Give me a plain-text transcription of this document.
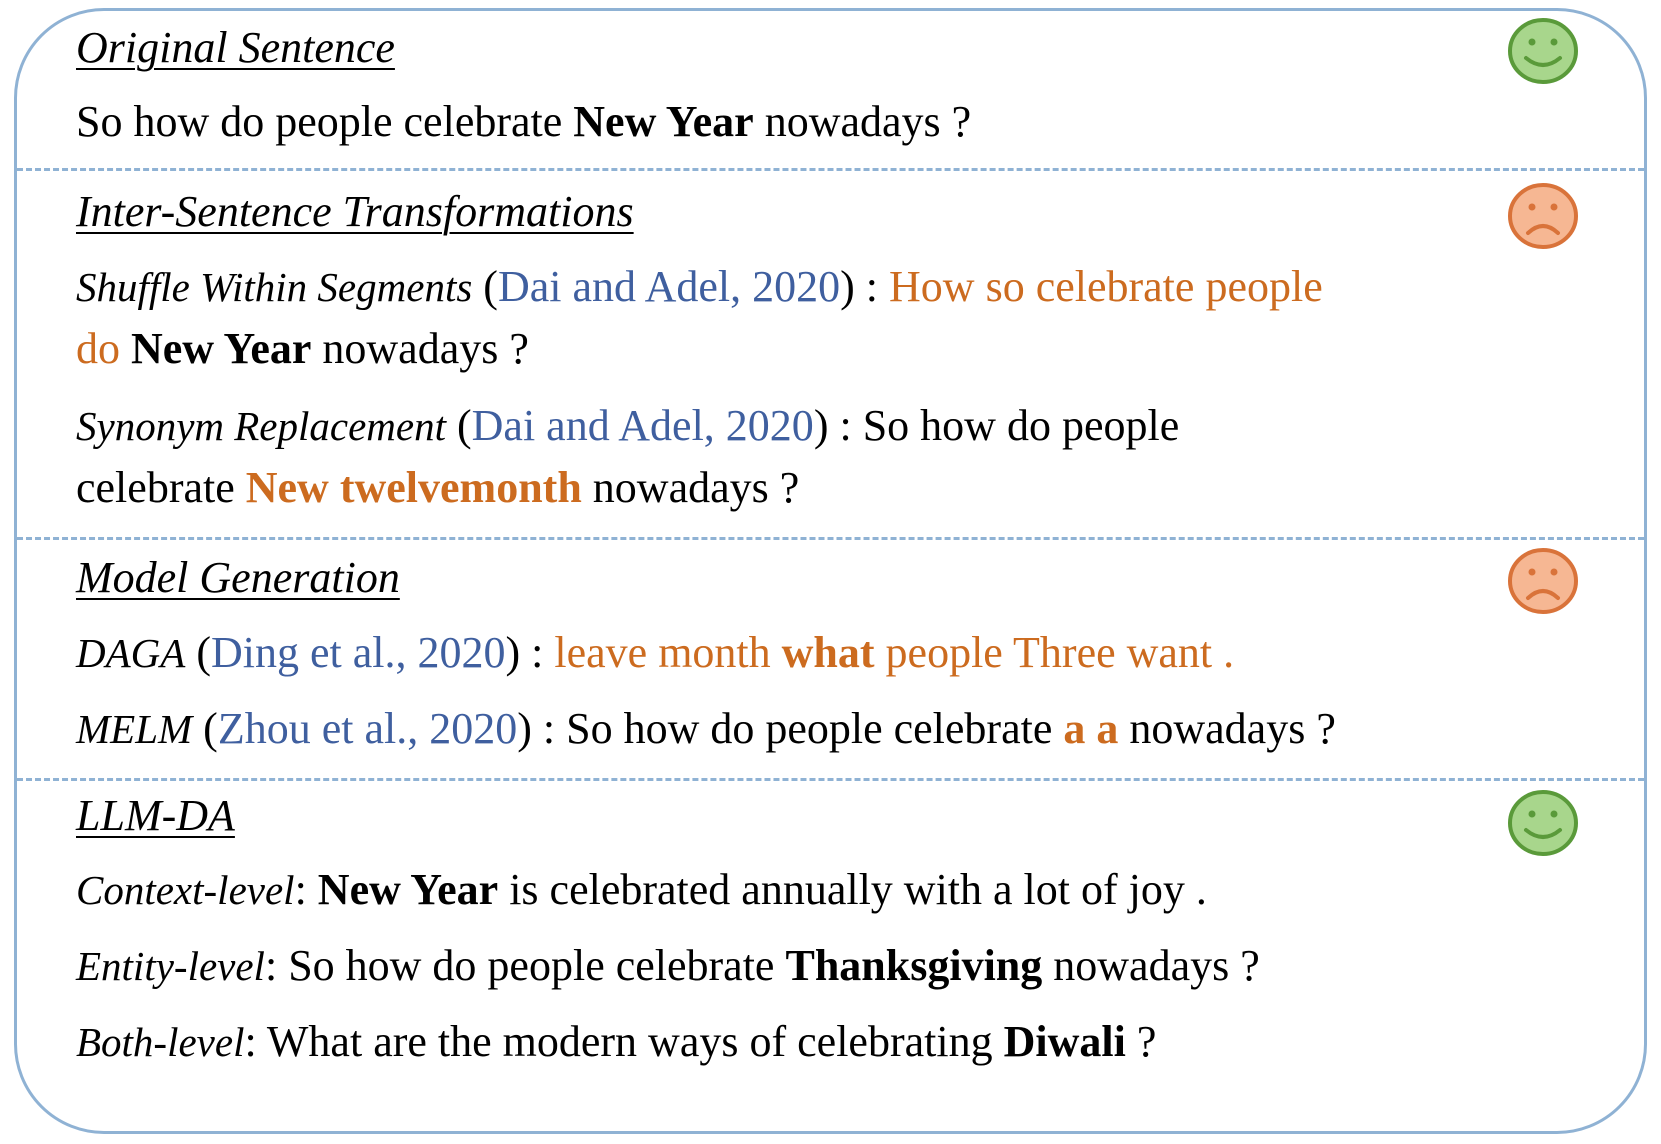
Original Sentence
So how do people celebrate New Year nowadays ?
Inter-Sentence Transformations
Shuffle Within Segments (Dai and Adel, 2020) : How so celebrate people
do New Year nowadays ?
Synonym Replacement (Dai and Adel, 2020) : So how do people
celebrate New twelvemonth nowadays ?
Model Generation
DAGA (Ding et al., 2020) : leave month what people Three want .
MELM (Zhou et al., 2020) : So how do people celebrate a a nowadays ?
LLM-DA
Context-level: New Year is celebrated annually with a lot of joy .
Entity-level: So how do people celebrate Thanksgiving nowadays ?
Both-level: What are the modern ways of celebrating Diwali ?
